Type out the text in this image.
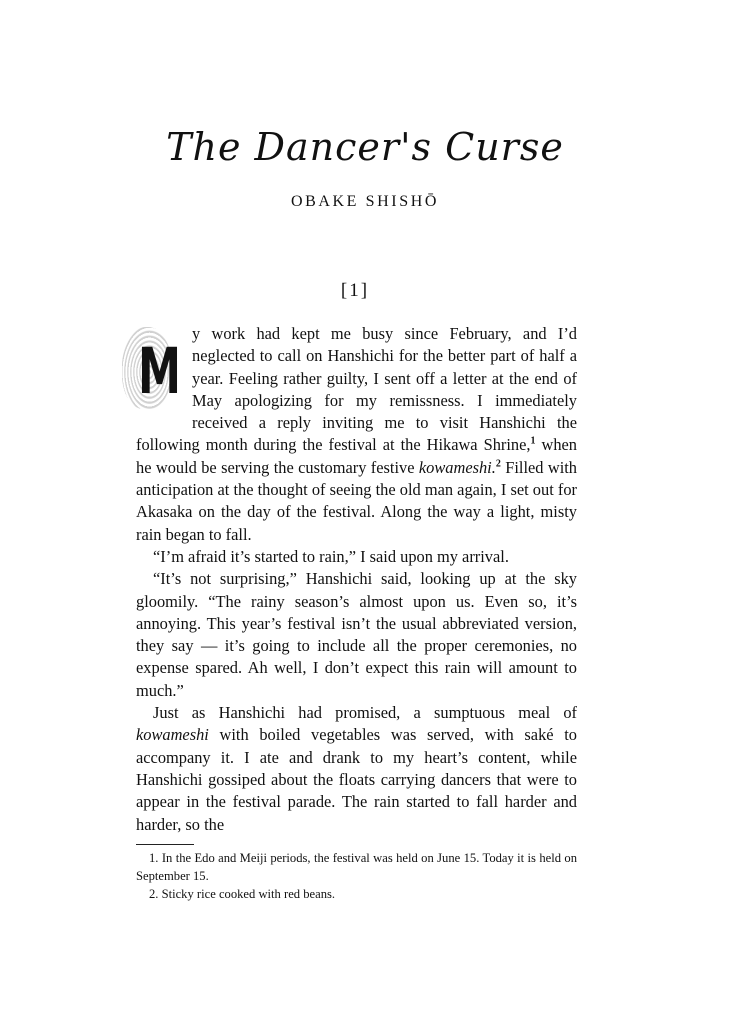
The Dancer's Curse
OBAKE SHISHŌ
[1]

M
y work had kept me busy since February, and I’d neglected to call on Hanshichi for the better part of half a year. Feeling rather guilty, I sent off a letter at the end of May apologizing for my remissness. I immediately received a reply inviting me to visit Hanshichi the following month during the festival at the Hikawa Shrine,$^1$ when he would be serving the customary festive kowameshi.$^2$ Filled with anticipation at the thought of seeing the old man again, I set out for Akasaka on the day of the festival. Along the way a light, misty rain began to fall.

“I’m afraid it’s started to rain,” I said upon my arrival.

“It’s not surprising,” Hanshichi said, looking up at the sky gloomily. “The rainy season’s almost upon us. Even so, it’s annoying. This year’s festival isn’t the usual abbreviated version, they say — it’s going to include all the proper ceremonies, no expense spared. Ah well, I don’t expect this rain will amount to much.”

Just as Hanshichi had promised, a sumptuous meal of kowameshi with boiled vegetables was served, with saké to accompany it. I ate and drank to my heart’s content, while Hanshichi gossiped about the floats carrying dancers that were to appear in the festival parade. The rain started to fall harder and harder, so the

1. In the Edo and Meiji periods, the festival was held on June 15. Today it is held on September 15.

2. Sticky rice cooked with red beans.
